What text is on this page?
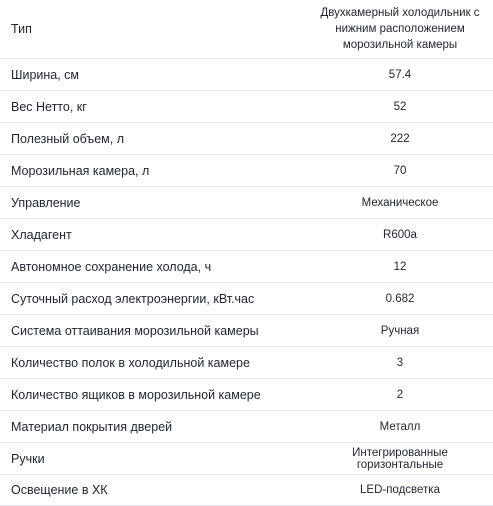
Тип	Двухкамерный холодильник с нижним расположением морозильной камеры
Ширина, см	57.4
Вес Нетто, кг	52
Полезный объем, л	222
Морозильная камера, л	70
Управление	Механическое
Хладагент	R600a
Автономное сохранение холода, ч	12
Суточный расход электроэнергии, кВт.час	0.682
Система оттаивания морозильной камеры	Ручная
Количество полок в холодильной камере	3
Количество ящиков в морозильной камере	2
Материал покрытия дверей	Металл
Ручки	Интегрированные горизонтальные
Освещение в ХК	LED-подсветка
